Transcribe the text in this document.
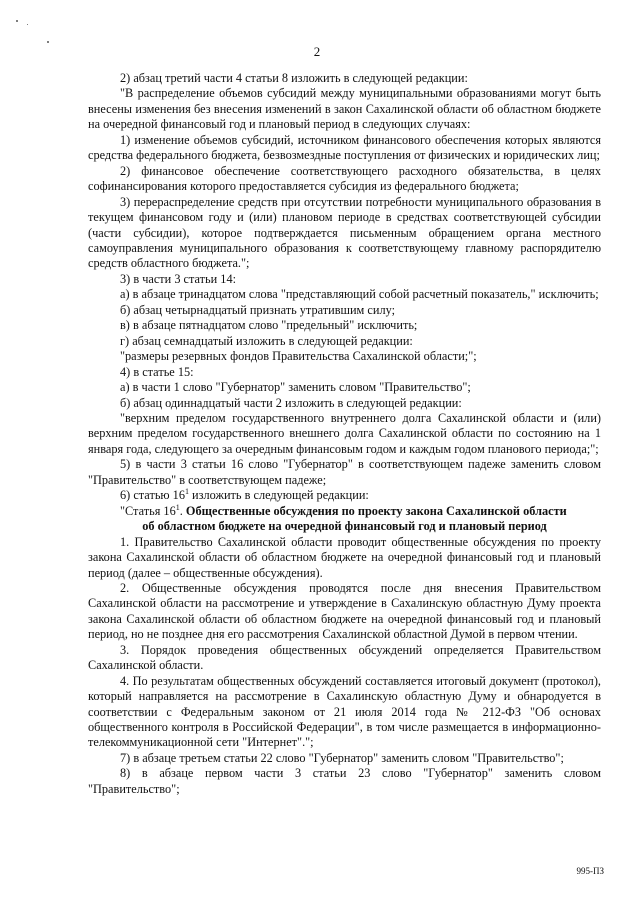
2

2) абзац третий части 4 статьи 8 изложить в следующей редакции:

"В распределение объемов субсидий между муниципальными образованиями могут быть внесены изменения без внесения изменений в закон Сахалинской области об областном бюджете на очередной финансовый год и плановый период в следующих случаях:

1) изменение объемов субсидий, источником финансового обеспечения которых являются средства федерального бюджета, безвозмездные поступления от физических и юридических лиц;

2) финансовое обеспечение соответствующего расходного обязательства, в целях софинансирования которого предоставляется субсидия из федерального бюджета;

3) перераспределение средств при отсутствии потребности муниципального образования в текущем финансовом году и (или) плановом периоде в средствах соответствующей субсидии (части субсидии), которое подтверждается письменным обращением органа местного самоуправления муниципального образования к соответствующему главному распорядителю средств областного бюджета.";

3) в части 3 статьи 14:

а) в абзаце тринадцатом слова "представляющий собой расчетный показатель," исключить;

б) абзац четырнадцатый признать утратившим силу;

в) в абзаце пятнадцатом слово "предельный" исключить;

г) абзац семнадцатый изложить в следующей редакции:

"размеры резервных фондов Правительства Сахалинской области;";

4) в статье 15:

а) в части 1 слово "Губернатор" заменить словом "Правительство";

б) абзац одиннадцатый части 2 изложить в следующей редакции:

"верхним пределом государственного внутреннего долга Сахалинской области и (или) верхним пределом государственного внешнего долга Сахалинской области по состоянию на 1 января года, следующего за очередным финансовым годом и каждым годом планового периода;";

5) в части 3 статьи 16 слово "Губернатор" в соответствующем падеже заменить словом "Правительство" в соответствующем падеже;

6) статью $16^1$ изложить в следующей редакции:

"Статья $16^1$. Общественные обсуждения по проекту закона Сахалинской области

об областном бюджете на очередной финансовый год и плановый период

1. Правительство Сахалинской области проводит общественные обсуждения по проекту закона Сахалинской области об областном бюджете на очередной финансовый год и плановый период (далее – общественные обсуждения).

2. Общественные обсуждения проводятся после дня внесения Правительством Сахалинской области на рассмотрение и утверждение в Сахалинскую областную Думу проекта закона Сахалинской области об областном бюджете на очередной финансовый год и плановый период, но не позднее дня его рассмотрения Сахалинской областной Думой в первом чтении.

3. Порядок проведения общественных обсуждений определяется Правительством Сахалинской области.

4. По результатам общественных обсуждений составляется итоговый документ (протокол), который направляется на рассмотрение в Сахалинскую областную Думу и обнародуется в соответствии с Федеральным законом от 21 июля 2014 года № 212-ФЗ "Об основах общественного контроля в Российской Федерации", в том числе размещается в информационно-телекоммуникационной сети "Интернет".";

7) в абзаце третьем статьи 22 слово "Губернатор" заменить словом "Правительство";

8) в абзаце первом части 3 статьи 23 слово "Губернатор" заменить словом "Правительство";

995-ПЗ
